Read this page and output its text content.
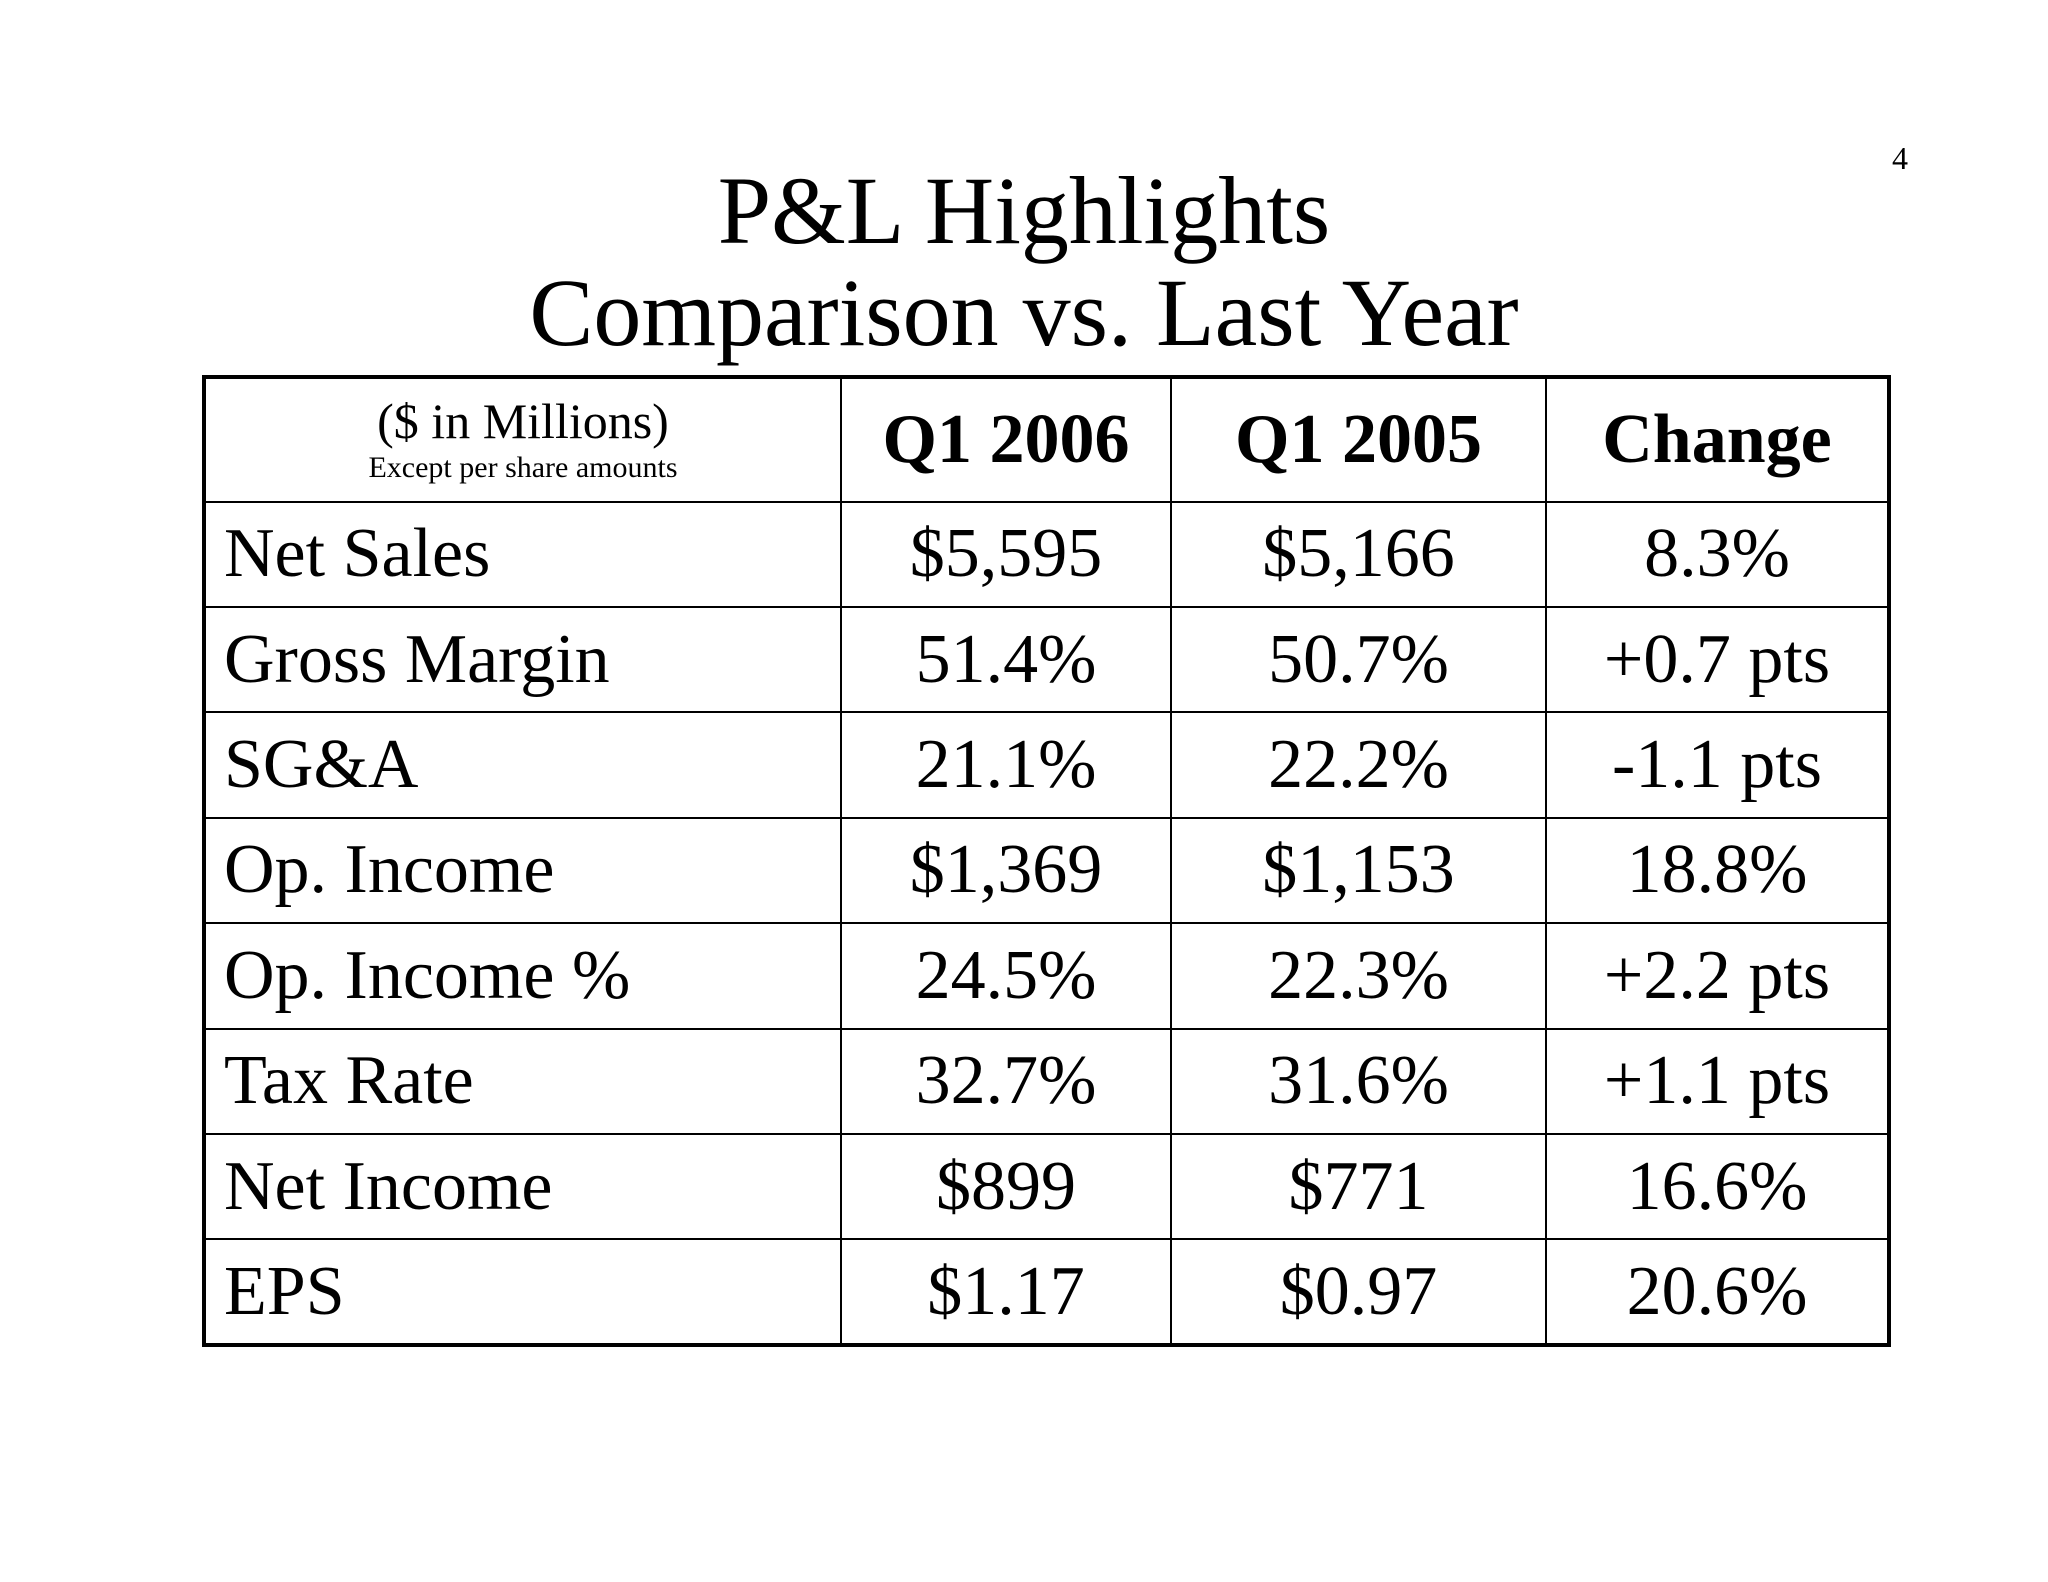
4
P&L Highlights
Comparison vs. Last Year
($ in Millions)
Except per share amounts	Q1 2006	Q1 2005	Change
Net Sales	$5,595	$5,166	8.3%
Gross Margin	51.4%	50.7%	+0.7 pts
SG&A	21.1%	22.2%	-1.1 pts
Op. Income	$1,369	$1,153	18.8%
Op. Income %	24.5%	22.3%	+2.2 pts
Tax Rate	32.7%	31.6%	+1.1 pts
Net Income	$899	$771	16.6%
EPS	$1.17	$0.97	20.6%
